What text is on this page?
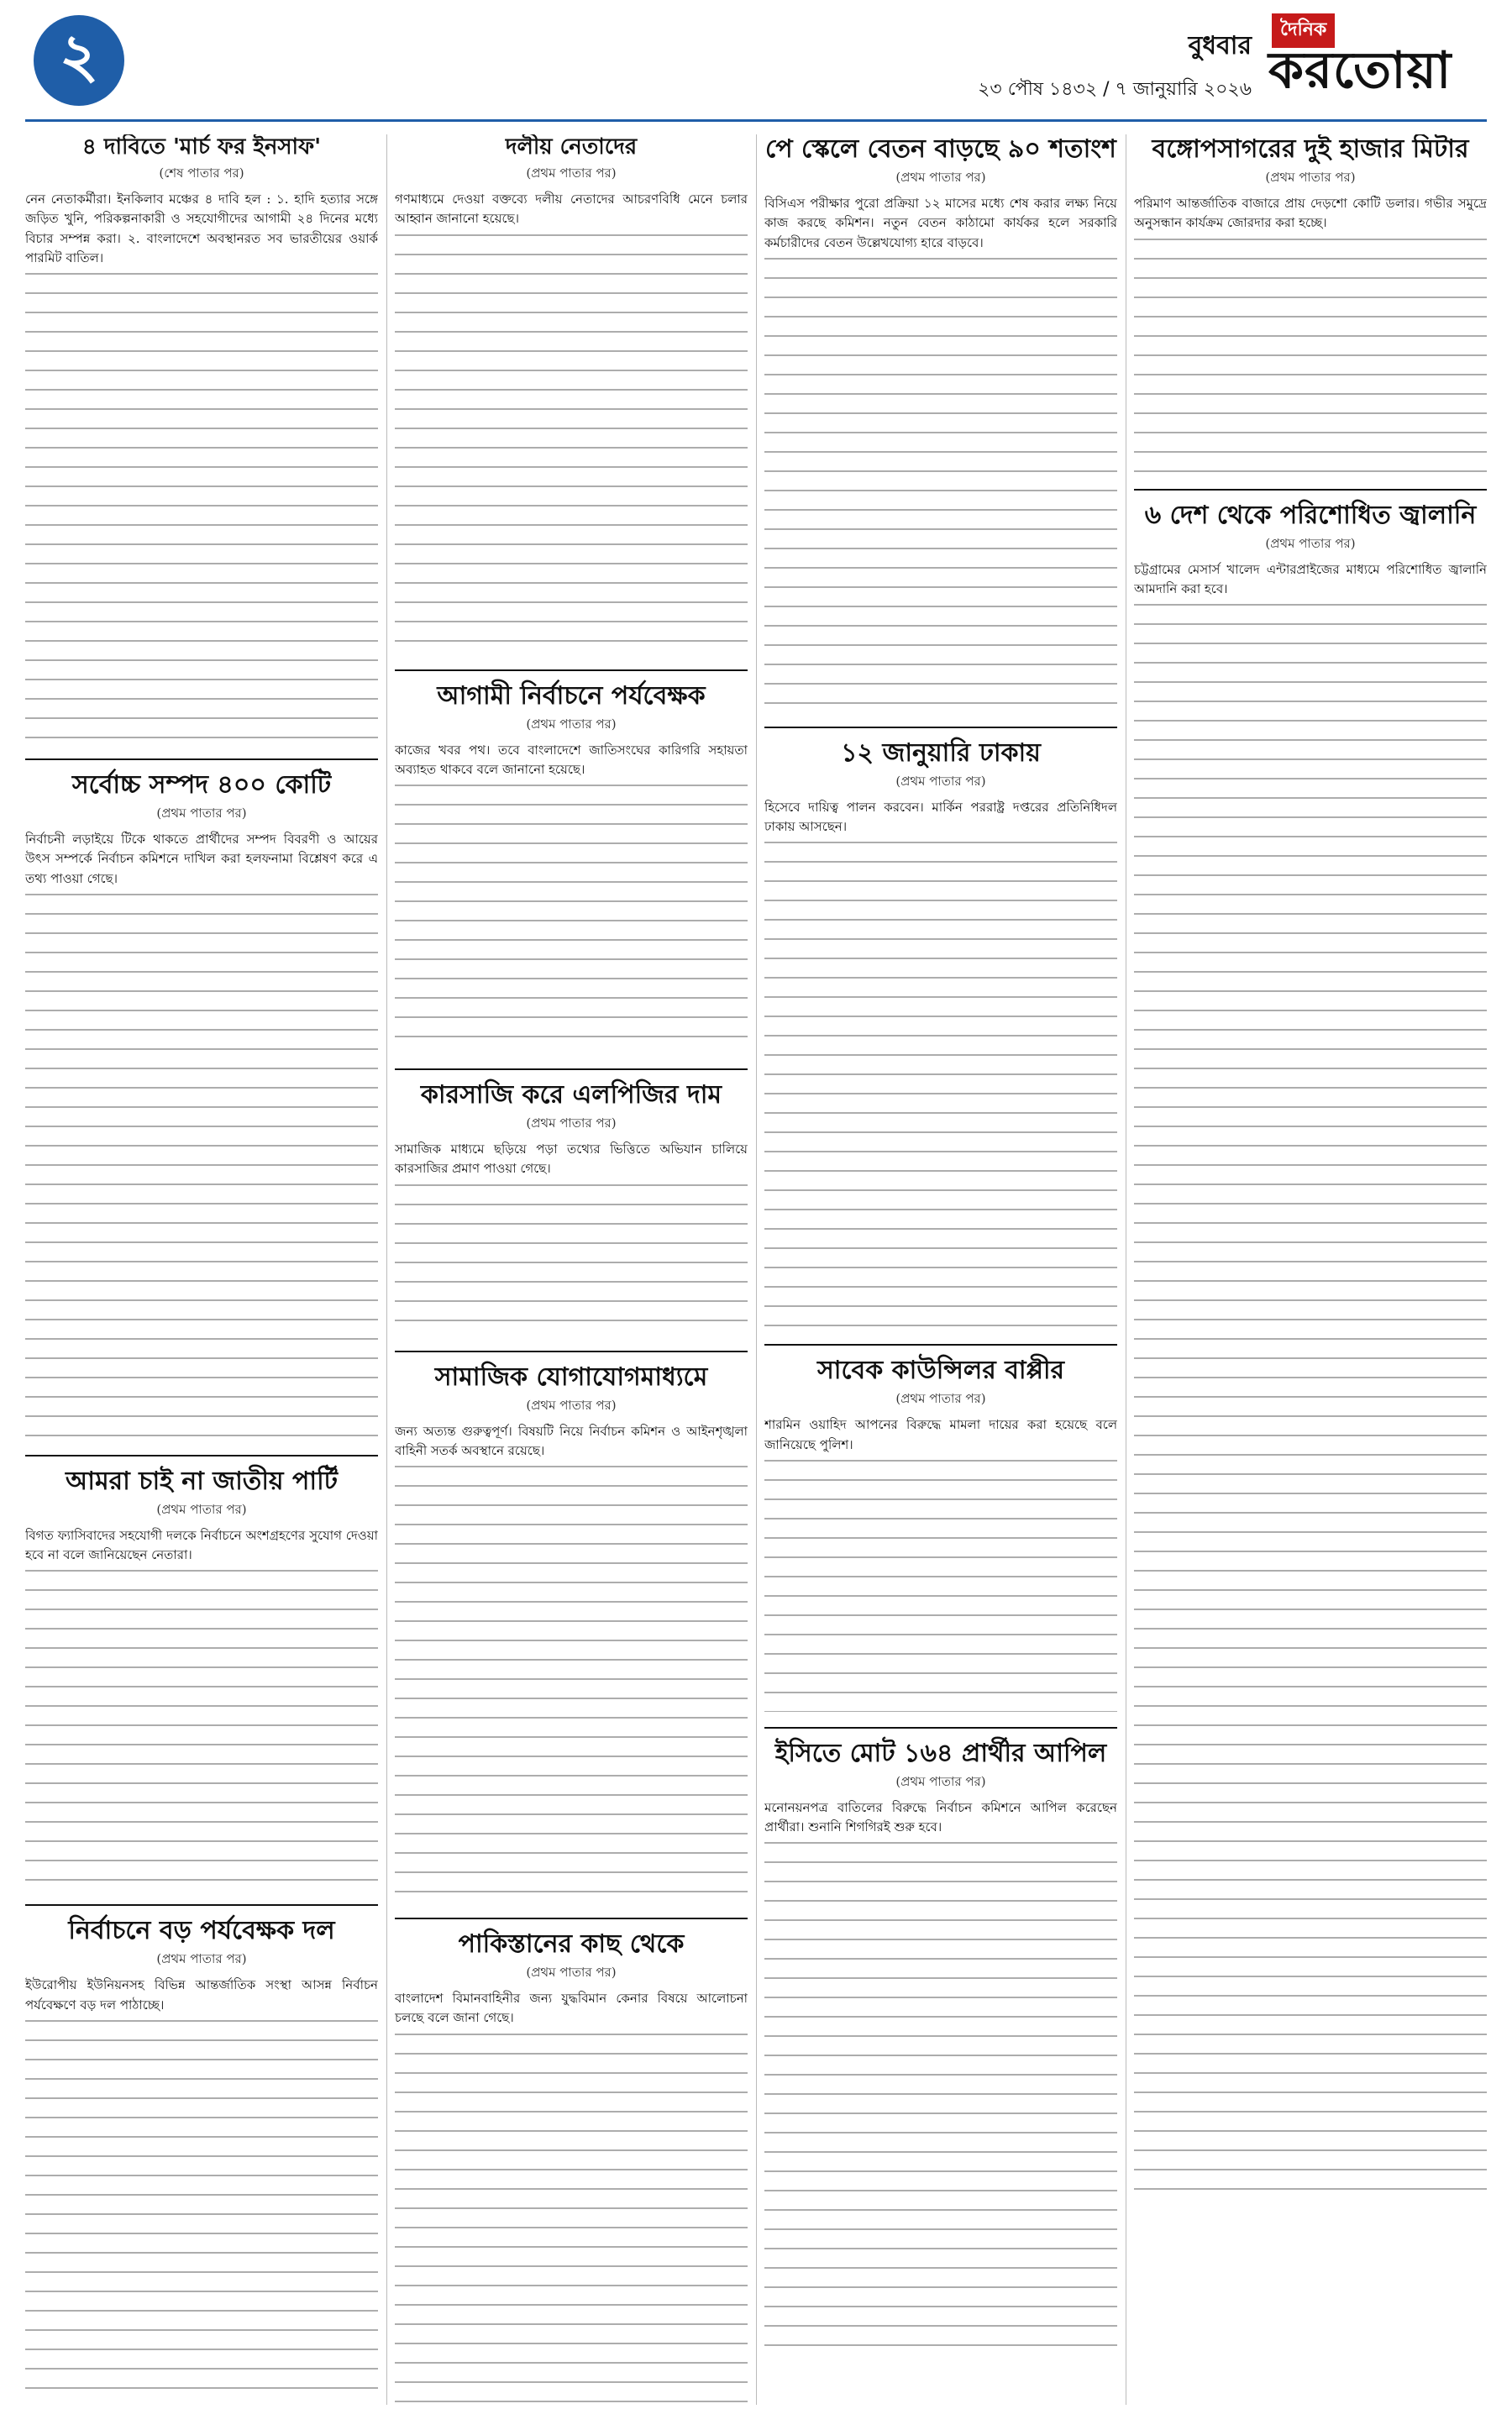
২	বুধবার
২৩ পৌষ ১৪৩২ / ৭ জানুয়ারি ২০২৬
দৈনিক
করতোয়া
৪ দাবিতে 'মার্চ ফর ইনসাফ'
(শেষ পাতার পর)
নেন নেতাকর্মীরা। ইনকিলাব মঞ্চের ৪ দাবি হল : ১. হাদি হত্যার সঙ্গে জড়িত খুনি, পরিকল্পনাকারী ও সহযোগীদের আগামী ২৪ দিনের মধ্যে বিচার সম্পন্ন করা। ২. বাংলাদেশে অবস্থানরত সব ভারতীয়ের ওয়ার্ক পারমিট বাতিল।
সর্বোচ্চ সম্পদ ৪০০ কোটি
(প্রথম পাতার পর)
নির্বাচনী লড়াইয়ে টিকে থাকতে প্রার্থীদের সম্পদ বিবরণী ও আয়ের উৎস সম্পর্কে নির্বাচন কমিশনে দাখিল করা হলফনামা বিশ্লেষণ করে এ তথ্য পাওয়া গেছে।
আমরা চাই না জাতীয় পার্টি
(প্রথম পাতার পর)
বিগত ফ্যাসিবাদের সহযোগী দলকে নির্বাচনে অংশগ্রহণের সুযোগ দেওয়া হবে না বলে জানিয়েছেন নেতারা।
নির্বাচনে বড় পর্যবেক্ষক দল
(প্রথম পাতার পর)
ইউরোপীয় ইউনিয়নসহ বিভিন্ন আন্তর্জাতিক সংস্থা আসন্ন নির্বাচন পর্যবেক্ষণে বড় দল পাঠাচ্ছে।
দলীয় নেতাদের
(প্রথম পাতার পর)
গণমাধ্যমে দেওয়া বক্তব্যে দলীয় নেতাদের আচরণবিধি মেনে চলার আহ্বান জানানো হয়েছে।
আগামী নির্বাচনে পর্যবেক্ষক
(প্রথম পাতার পর)
কাজের খবর পথ। তবে বাংলাদেশে জাতিসংঘের কারিগরি সহায়তা অব্যাহত থাকবে বলে জানানো হয়েছে।
কারসাজি করে এলপিজির দাম
(প্রথম পাতার পর)
সামাজিক মাধ্যমে ছড়িয়ে পড়া তথ্যের ভিত্তিতে অভিযান চালিয়ে কারসাজির প্রমাণ পাওয়া গেছে।
সামাজিক যোগাযোগমাধ্যমে
(প্রথম পাতার পর)
জন্য অত্যন্ত গুরুত্বপূর্ণ। বিষয়টি নিয়ে নির্বাচন কমিশন ও আইনশৃঙ্খলা বাহিনী সতর্ক অবস্থানে রয়েছে।
পাকিস্তানের কাছ থেকে
(প্রথম পাতার পর)
বাংলাদেশ বিমানবাহিনীর জন্য যুদ্ধবিমান কেনার বিষয়ে আলোচনা চলছে বলে জানা গেছে।
পে স্কেলে বেতন বাড়ছে ৯০ শতাংশ
(প্রথম পাতার পর)
বিসিএস পরীক্ষার পুরো প্রক্রিয়া ১২ মাসের মধ্যে শেষ করার লক্ষ্য নিয়ে কাজ করছে কমিশন। নতুন বেতন কাঠামো কার্যকর হলে সরকারি কর্মচারীদের বেতন উল্লেখযোগ্য হারে বাড়বে।
১২ জানুয়ারি ঢাকায়
(প্রথম পাতার পর)
হিসেবে দায়িত্ব পালন করবেন। মার্কিন পররাষ্ট্র দপ্তরের প্রতিনিধিদল ঢাকায় আসছেন।
সাবেক কাউন্সিলর বাপ্পীর
(প্রথম পাতার পর)
শারমিন ওয়াহিদ আপনের বিরুদ্ধে মামলা দায়ের করা হয়েছে বলে জানিয়েছে পুলিশ।
ইসিতে মোট ১৬৪ প্রার্থীর আপিল
(প্রথম পাতার পর)
মনোনয়নপত্র বাতিলের বিরুদ্ধে নির্বাচন কমিশনে আপিল করেছেন প্রার্থীরা। শুনানি শিগগিরই শুরু হবে।
বঙ্গোপসাগরের দুই হাজার মিটার
(প্রথম পাতার পর)
পরিমাণ আন্তর্জাতিক বাজারে প্রায় দেড়শো কোটি ডলার। গভীর সমুদ্রে অনুসন্ধান কার্যক্রম জোরদার করা হচ্ছে।
৬ দেশ থেকে পরিশোধিত জ্বালানি
(প্রথম পাতার পর)
চট্টগ্রামের মেসার্স খালেদ এন্টারপ্রাইজের মাধ্যমে পরিশোধিত জ্বালানি আমদানি করা হবে।
